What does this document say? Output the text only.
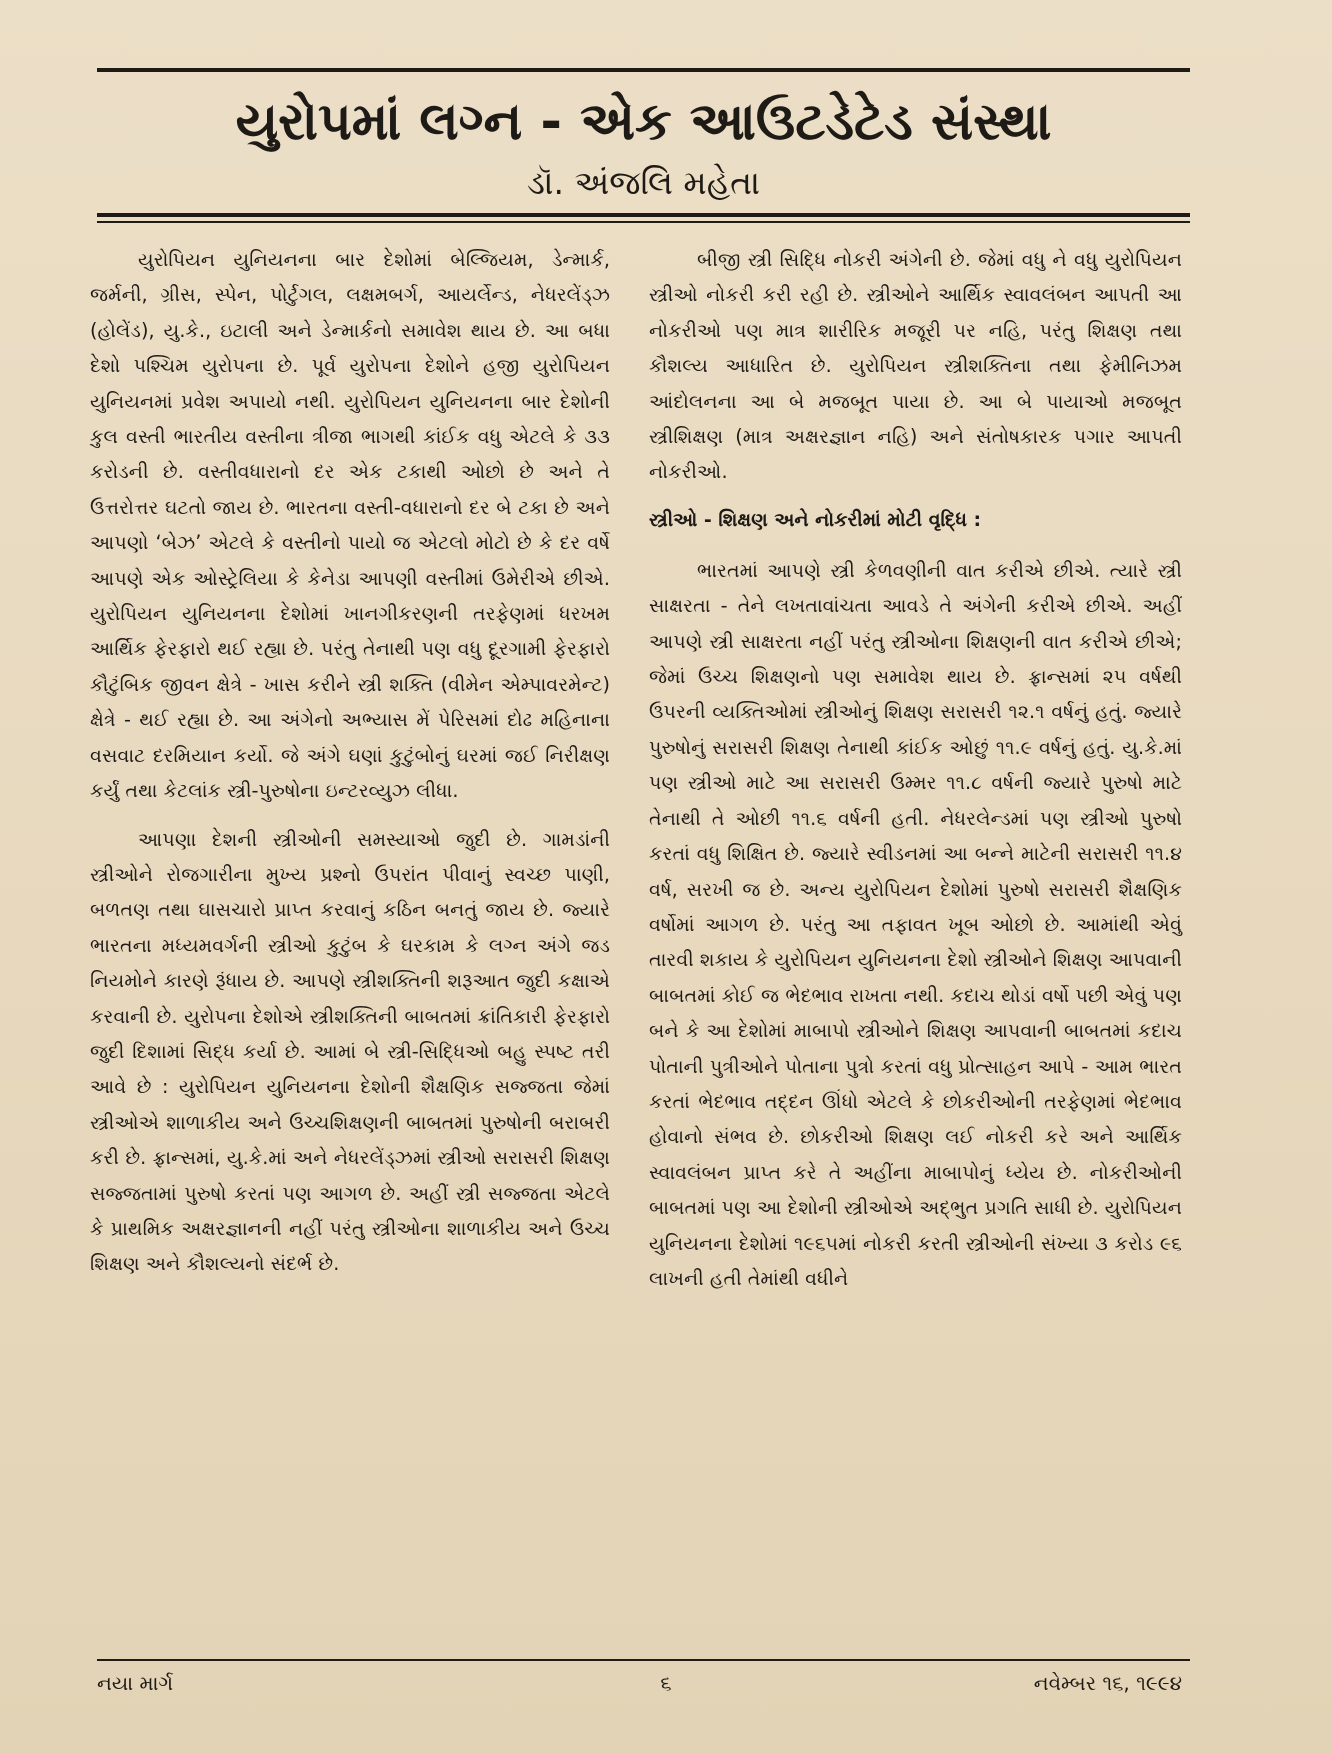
યુરોપમાં લગ્ન - એક આઉટડેટેડ સંસ્થા

ડૉ. અંજલિ મહેતા

યુરોપિયન યુનિયનના બાર દેશોમાં બેલ્જિયમ, ડેન્માર્ક, જર્મની, ગ્રીસ, સ્પેન, પોર્ટુગલ, લક્ષમબર્ગ, આયર્લેન્ડ, નેધરલેંડ્ઝ (હોલેંડ), યુ.કે., ઇટાલી અને ડેન્માર્કનો સમાવેશ થાય છે. આ બધા દેશો પશ્ચિમ યુરોપના છે. પૂર્વ યુરોપના દેશોને હજી યુરોપિયન યુનિયનમાં પ્રવેશ અપાયો નથી. યુરોપિયન યુનિયનના બાર દેશોની કુલ વસ્તી ભારતીય વસ્તીના ત્રીજા ભાગથી કાંઈક વધુ એટલે કે ૩૩ કરોડની છે. વસ્તીવધારાનો દર એક ટકાથી ઓછો છે અને તે ઉત્તરોત્તર ઘટતો જાય છે. ભારતના વસ્તી-વધારાનો દર બે ટકા છે અને આપણો ‘બેઝ’ એટલે કે વસ્તીનો પાયો જ એટલો મોટો છે કે દર વર્ષે આપણે એક ઓસ્ટ્રેલિયા કે કેનેડા આપણી વસ્તીમાં ઉમેરીએ છીએ. યુરોપિયન યુનિયનના દેશોમાં ખાનગીકરણની તરફેણમાં ધરખમ આર્થિક ફેરફારો થઈ રહ્યા છે. પરંતુ તેનાથી પણ વધુ દૂરગામી ફેરફારો કૌટુંબિક જીવન ક્ષેત્રે - ખાસ કરીને સ્ત્રી શક્તિ (વીમેન એમ્પાવરમેન્ટ) ક્ષેત્રે - થઈ રહ્યા છે. આ અંગેનો અભ્યાસ મેં પેરિસમાં દોઢ મહિનાના વસવાટ દરમિયાન કર્યો. જે અંગે ઘણાં કુટુંબોનું ઘરમાં જઈ નિરીક્ષણ કર્યું તથા કેટલાંક સ્ત્રી-પુરુષોના ઇન્ટરવ્યુઝ લીધા.

આપણા દેશની સ્ત્રીઓની સમસ્યાઓ જુદી છે. ગામડાંની સ્ત્રીઓને રોજગારીના મુખ્ય પ્રશ્નો ઉપરાંત પીવાનું સ્વચ્છ પાણી, બળતણ તથા ઘાસચારો પ્રાપ્ત કરવાનું કઠિન બનતું જાય છે. જ્યારે ભારતના મધ્યમવર્ગની સ્ત્રીઓ કુટુંબ કે ઘરકામ કે લગ્ન અંગે જડ નિયમોને કારણે રૂંધાય છે. આપણે સ્ત્રીશક્તિની શરૂઆત જુદી કક્ષાએ કરવાની છે. યુરોપના દેશોએ સ્ત્રીશક્તિની બાબતમાં ક્રાંતિકારી ફેરફારો જુદી દિશામાં સિદ્ધ કર્યા છે. આમાં બે સ્ત્રી-સિદ્ધિઓ બહુ સ્પષ્ટ તરી આવે છે : યુરોપિયન યુનિયનના દેશોની શૈક્ષણિક સજ્જતા જેમાં સ્ત્રીઓએ શાળાકીય અને ઉચ્ચશિક્ષણની બાબતમાં પુરુષોની બરાબરી કરી છે. ફ્રાન્સમાં, યુ.કે.માં અને નેધરલેંડ્ઝમાં સ્ત્રીઓ સરાસરી શિક્ષણ સજ્જતામાં પુરુષો કરતાં પણ આગળ છે. અહીં સ્ત્રી સજ્જતા એટલે કે પ્રાથમિક અક્ષરજ્ઞાનની નહીં પરંતુ સ્ત્રીઓના શાળાકીય અને ઉચ્ચ શિક્ષણ અને કૌશલ્યનો સંદર્ભ છે.

બીજી સ્ત્રી સિદ્ધિ નોકરી અંગેની છે. જેમાં વધુ ને વધુ યુરોપિયન સ્ત્રીઓ નોકરી કરી રહી છે. સ્ત્રીઓને આર્થિક સ્વાવલંબન આપતી આ નોકરીઓ પણ માત્ર શારીરિક મજૂરી પર નહિ, પરંતુ શિક્ષણ તથા કૌશલ્ય આધારિત છે. યુરોપિયન સ્ત્રીશક્તિના તથા ફેમીનિઝમ આંદોલનના આ બે મજબૂત પાયા છે. આ બે પાયાઓ મજબૂત સ્ત્રીશિક્ષણ (માત્ર અક્ષરજ્ઞાન નહિ) અને સંતોષકારક પગાર આપતી નોકરીઓ.

સ્ત્રીઓ - શિક્ષણ અને નોકરીમાં મોટી વૃદ્ધિ :

ભારતમાં આપણે સ્ત્રી કેળવણીની વાત કરીએ છીએ. ત્યારે સ્ત્રી સાક્ષરતા - તેને લખતાવાંચતા આવડે તે અંગેની કરીએ છીએ. અહીં આપણે સ્ત્રી સાક્ષરતા નહીં પરંતુ સ્ત્રીઓના શિક્ષણની વાત કરીએ છીએ; જેમાં ઉચ્ચ શિક્ષણનો પણ સમાવેશ થાય છે. ફ્રાન્સમાં ૨૫ વર્ષથી ઉપરની વ્યક્તિઓમાં સ્ત્રીઓનું શિક્ષણ સરાસરી ૧૨.૧ વર્ષનું હતું. જ્યારે પુરુષોનું સરાસરી શિક્ષણ તેનાથી કાંઈક ઓછું ૧૧.૯ વર્ષનું હતું. યુ.કે.માં પણ સ્ત્રીઓ માટે આ સરાસરી ઉમ્મર ૧૧.૮ વર્ષની જ્યારે પુરુષો માટે તેનાથી તે ઓછી ૧૧.૬ વર્ષની હતી. નેધરલેન્ડમાં પણ સ્ત્રીઓ પુરુષો કરતાં વધુ શિક્ષિત છે. જ્યારે સ્વીડનમાં આ બન્ને માટેની સરાસરી ૧૧.૪ વર્ષ, સરખી જ છે. અન્ય યુરોપિયન દેશોમાં પુરુષો સરાસરી શૈક્ષણિક વર્ષોમાં આગળ છે. પરંતુ આ તફાવત ખૂબ ઓછો છે. આમાંથી એવું તારવી શકાય કે યુરોપિયન યુનિયનના દેશો સ્ત્રીઓને શિક્ષણ આપવાની બાબતમાં કોઈ જ ભેદભાવ રાખતા નથી. કદાચ થોડાં વર્ષો પછી એવું પણ બને કે આ દેશોમાં માબાપો સ્ત્રીઓને શિક્ષણ આપવાની બાબતમાં કદાચ પોતાની પુત્રીઓને પોતાના પુત્રો કરતાં વધુ પ્રોત્સાહન આપે - આમ ભારત કરતાં ભેદભાવ તદ્દન ઊંધો એટલે કે છોકરીઓની તરફેણમાં ભેદભાવ હોવાનો સંભવ છે. છોકરીઓ શિક્ષણ લઈ નોકરી કરે અને આર્થિક સ્વાવલંબન પ્રાપ્ત કરે તે અહીંના માબાપોનું ધ્યેય છે. નોકરીઓની બાબતમાં પણ આ દેશોની સ્ત્રીઓએ અદ્ભુત પ્રગતિ સાધી છે. યુરોપિયન યુનિયનના દેશોમાં ૧૯૬૫માં નોકરી કરતી સ્ત્રીઓની સંખ્યા ૩ કરોડ ૯૬ લાખની હતી તેમાંથી વધીને

નયા માર્ગ	૬	નવેમ્બર ૧૬, ૧૯૯૪
